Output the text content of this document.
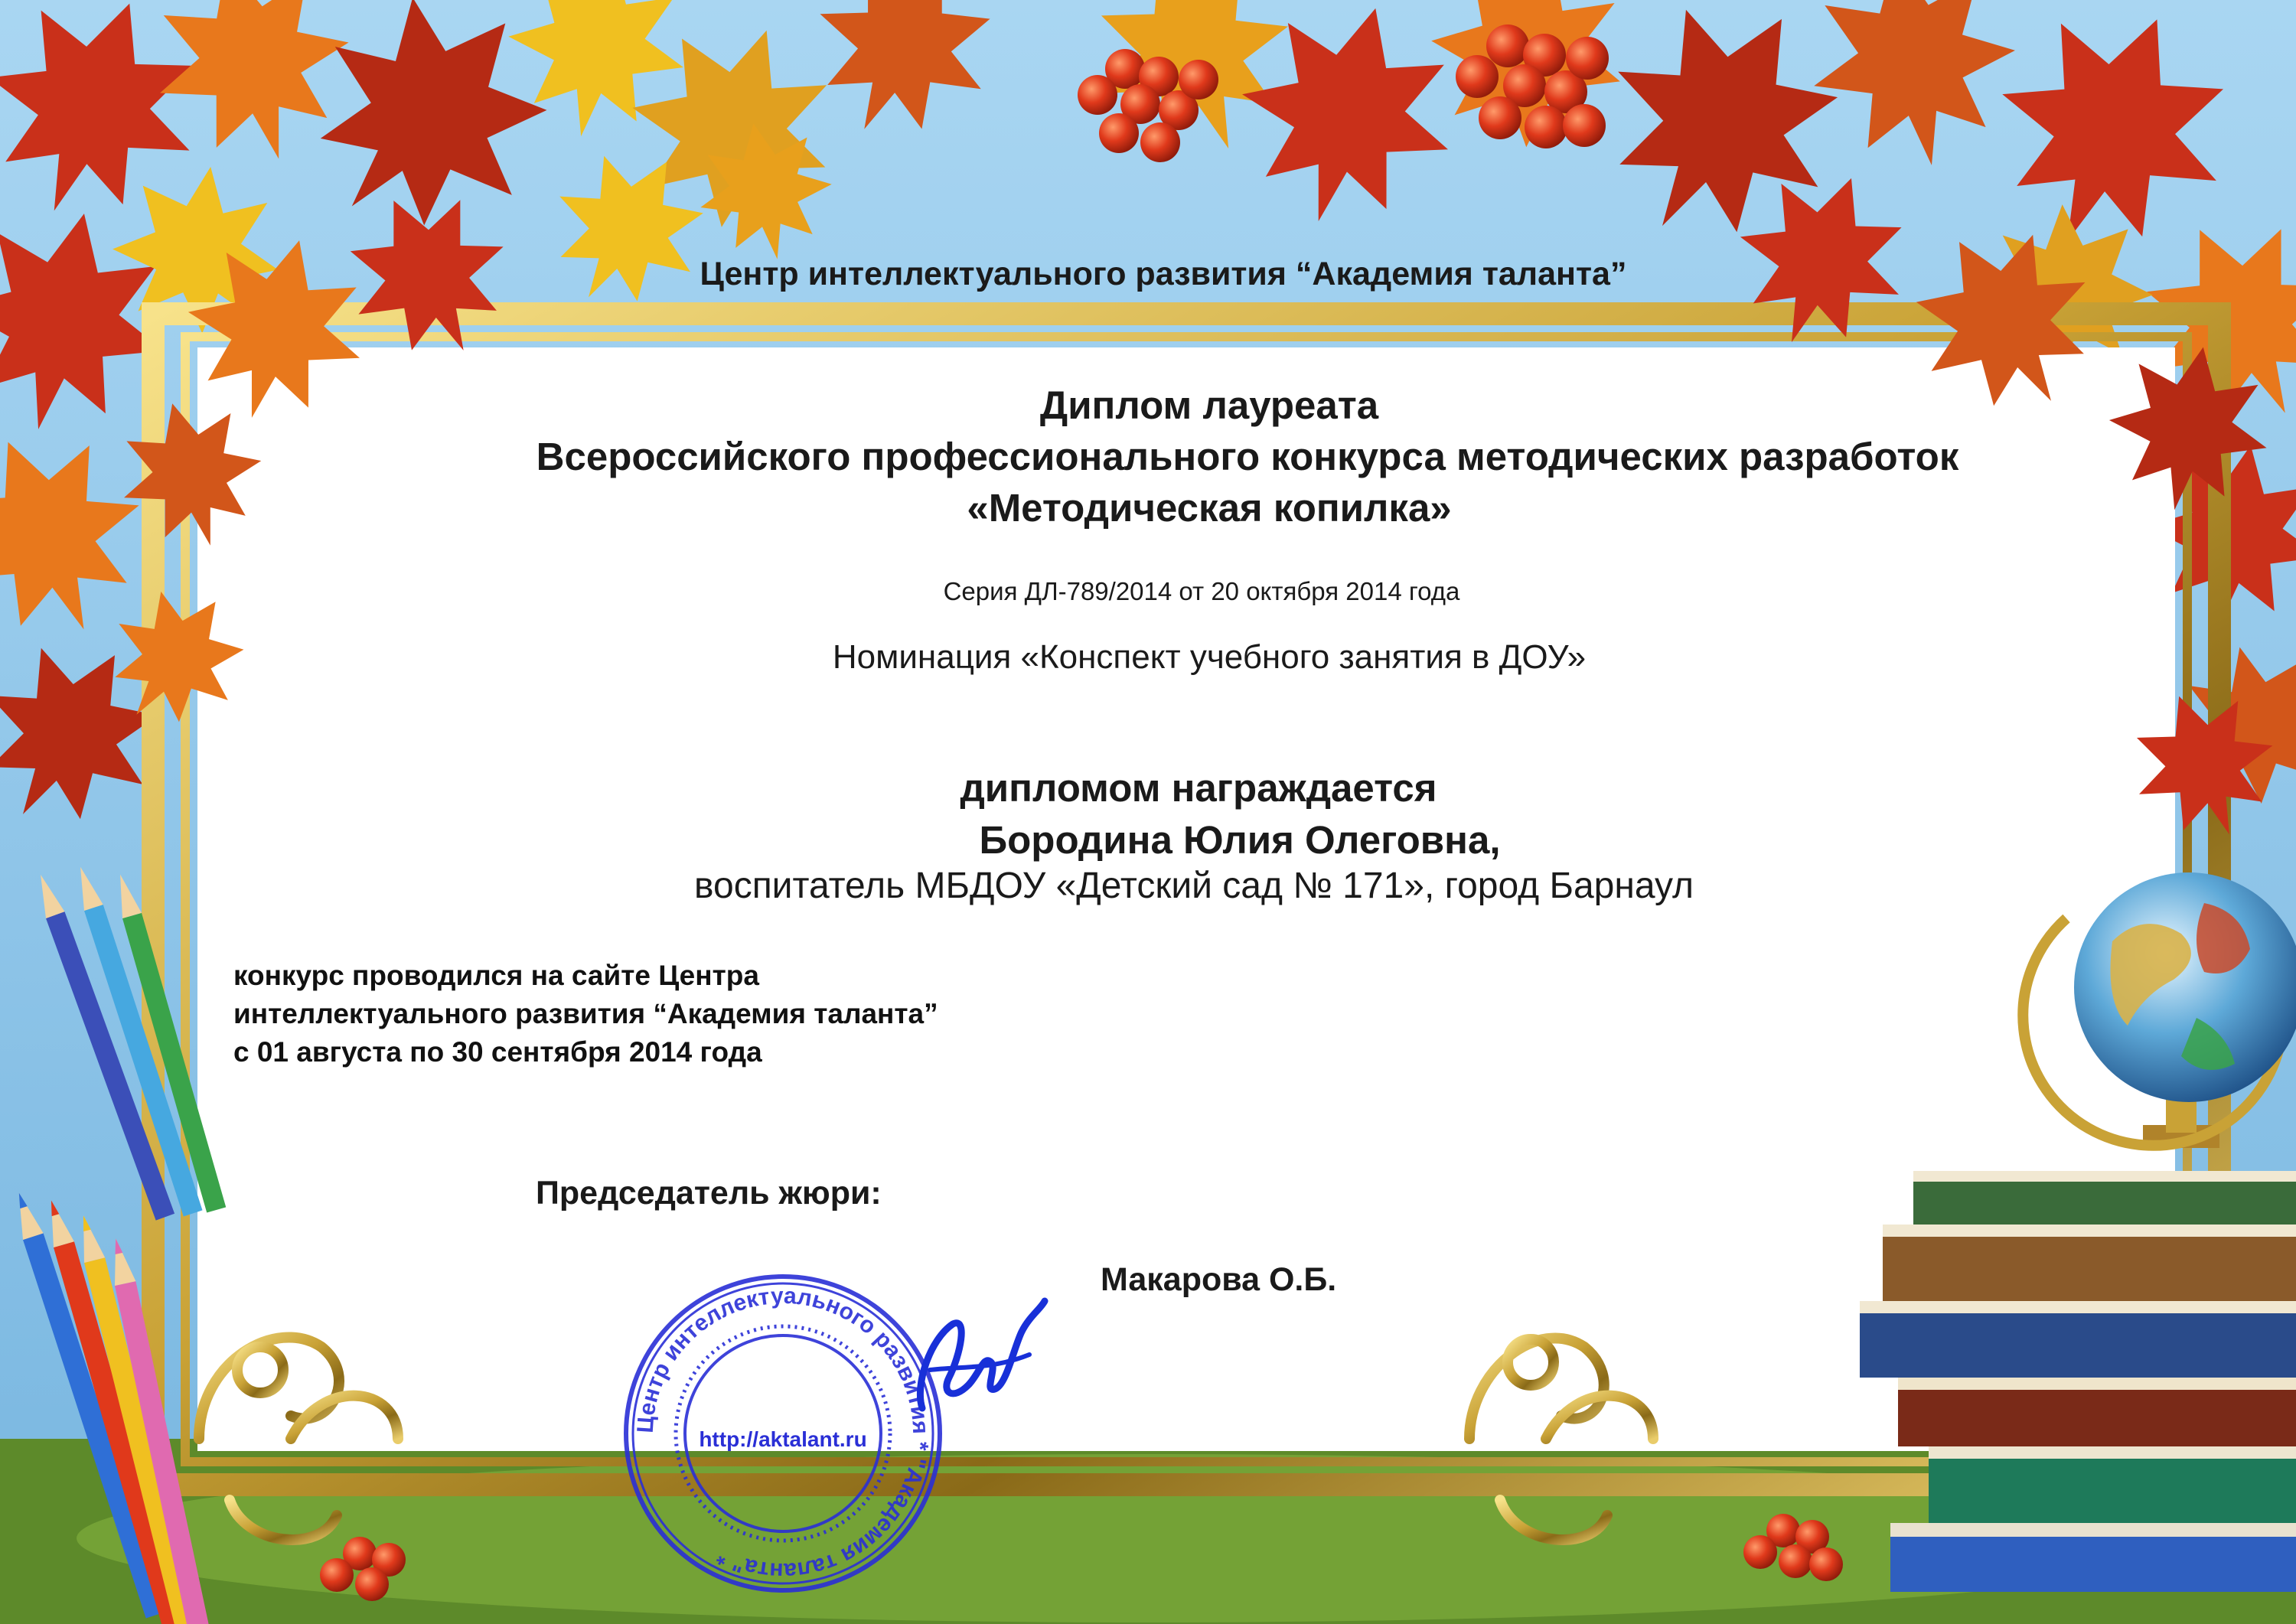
Центр интеллектуального развития “Академия таланта”
Диплом лауреата
Всероссийского профессионального конкурса методических разработок
«Методическая копилка»
Серия ДЛ-789/2014 от 20 октября 2014 года
Номинация «Конспект учебного занятия в ДОУ»
дипломом награждается
Бородина Юлия Олеговна,
воспитатель МБДОУ «Детский сад № 171», город Барнаул
конкурс проводился на сайте Центра
интеллектуального развития “Академия таланта”
с 01 августа по 30 сентября 2014 года
Председатель жюри:
Макарова О.Б.
Центр интеллектуального развития * "Академия таланта" *
http://aktalant.ru
